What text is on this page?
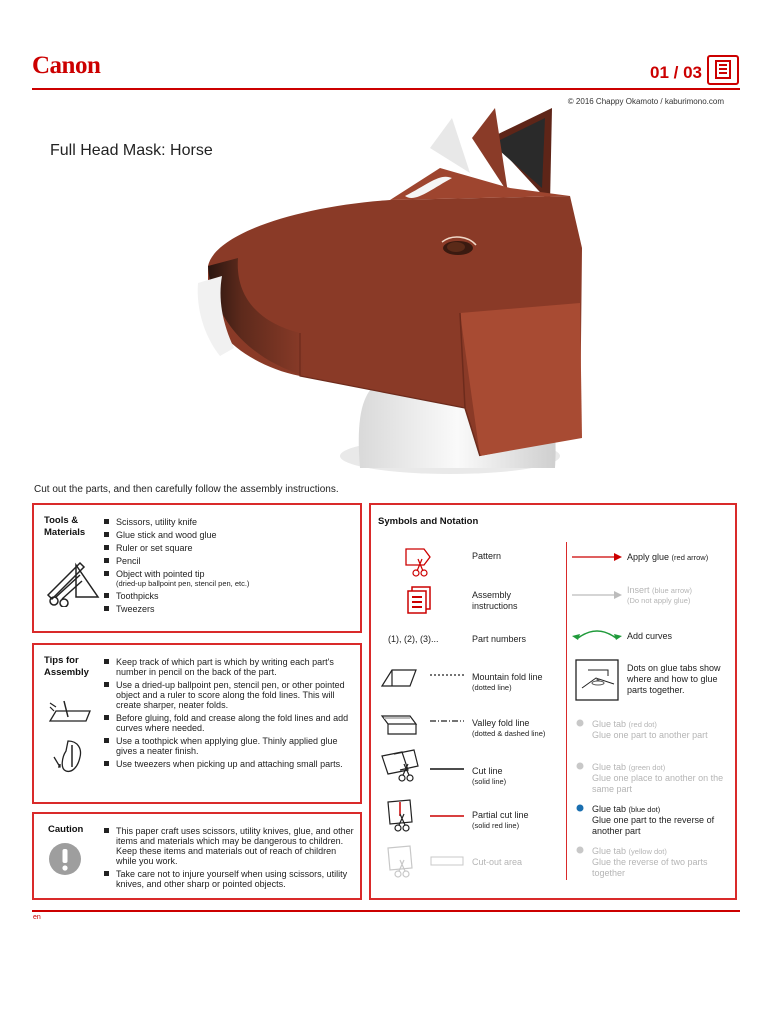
Canon	01 / 03
© 2016 Chappy Okamoto / kaburimono.com
Full Head Mask: Horse
Cut out the parts, and then carefully follow the assembly instructions.
Tools &
Materials
Scissors, utility knife
Glue stick and wood glue
Ruler or set square
Pencil
Object with pointed tip
(dried-up ballpoint pen, stencil pen, etc.)
Toothpicks
Tweezers
Tips for
Assembly
Keep track of which part is which by writing each part's number in pencil on the back of the part.
Use a dried-up ballpoint pen, stencil pen, or other pointed object and a ruler to score along the fold lines. This will create sharper, neater folds.
Before gluing, fold and crease along the fold lines and add curves where needed.
Use a toothpick when applying glue. Thinly applied glue gives a neater finish.
Use tweezers when picking up and attaching small parts.
Caution	This paper craft uses scissors, utility knives, glue, and other items and materials which may be dangerous to children. Keep these items and materials out of reach of children while you work.
Take care not to injure yourself when using scissors, utility knives, and other sharp or pointed objects.
Symbols and Notation
Pattern
Assembly instructions
(1), (2), (3)...	Part numbers
Mountain fold line
(dotted line)
Valley fold line
(dotted & dashed line)
Cut line
(solid line)
Partial cut line
(solid red line)
Cut-out area
Apply glue (red arrow)
Insert (blue arrow)
(Do not apply glue)
Add curves
Dots on glue tabs show where and how to glue parts together.
Glue tab (red dot)
Glue one part to another part
Glue tab (green dot)
Glue one place to another on the same part
Glue tab (blue dot)
Glue one part to the reverse of another part
Glue tab (yellow dot)
Glue the reverse of two parts together
en
